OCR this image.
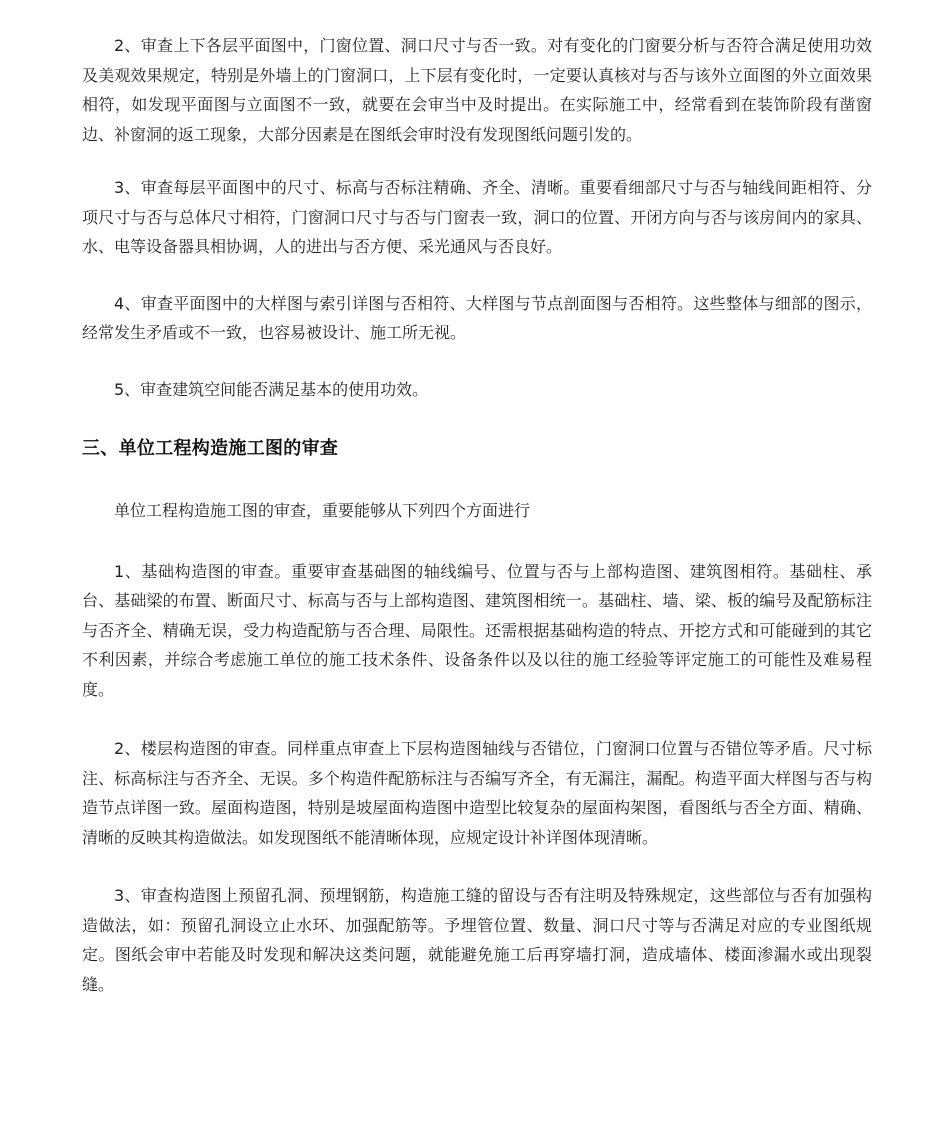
2、审查上下各层平面图中，门窗位置、洞口尺寸与否一致。对有变化的门窗要分析与否符合满足使用功效及美观效果规定，特别是外墙上的门窗洞口，上下层有变化时，一定要认真核对与否与该外立面图的外立面效果相符，如发现平面图与立面图不一致，就要在会审当中及时提出。在实际施工中，经常看到在装饰阶段有凿窗边、补窗洞的返工现象，大部分因素是在图纸会审时没有发现图纸问题引发的。

3、审查每层平面图中的尺寸、标高与否标注精确、齐全、清晰。重要看细部尺寸与否与轴线间距相符、分项尺寸与否与总体尺寸相符，门窗洞口尺寸与否与门窗表一致，洞口的位置、开闭方向与否与该房间内的家具、水、电等设备器具相协调，人的进出与否方便、采光通风与否良好。

4、审查平面图中的大样图与索引详图与否相符、大样图与节点剖面图与否相符。这些整体与细部的图示，经常发生矛盾或不一致，也容易被设计、施工所无视。

5、审查建筑空间能否满足基本的使用功效。

三、单位工程构造施工图的审查

单位工程构造施工图的审查，重要能够从下列四个方面进行

1、基础构造图的审查。重要审查基础图的轴线编号、位置与否与上部构造图、建筑图相符。基础柱、承台、基础梁的布置、断面尺寸、标高与否与上部构造图、建筑图相统一。基础柱、墙、梁、板的编号及配筋标注与否齐全、精确无误，受力构造配筋与否合理、局限性。还需根据基础构造的特点、开挖方式和可能碰到的其它不利因素，并综合考虑施工单位的施工技术条件、设备条件以及以往的施工经验等评定施工的可能性及难易程度。

2、楼层构造图的审查。同样重点审查上下层构造图轴线与否错位，门窗洞口位置与否错位等矛盾。尺寸标注、标高标注与否齐全、无误。多个构造件配筋标注与否编写齐全，有无漏注，漏配。构造平面大样图与否与构造节点详图一致。屋面构造图，特别是坡屋面构造图中造型比较复杂的屋面构架图，看图纸与否全方面、精确、清晰的反映其构造做法。如发现图纸不能清晰体现，应规定设计补详图体现清晰。

3、审查构造图上预留孔洞、预埋钢筋，构造施工缝的留设与否有注明及特殊规定，这些部位与否有加强构造做法，如：预留孔洞设立止水环、加强配筋等。予埋管位置、数量、洞口尺寸等与否满足对应的专业图纸规定。图纸会审中若能及时发现和解决这类问题，就能避免施工后再穿墙打洞，造成墙体、楼面渗漏水或出现裂缝。
